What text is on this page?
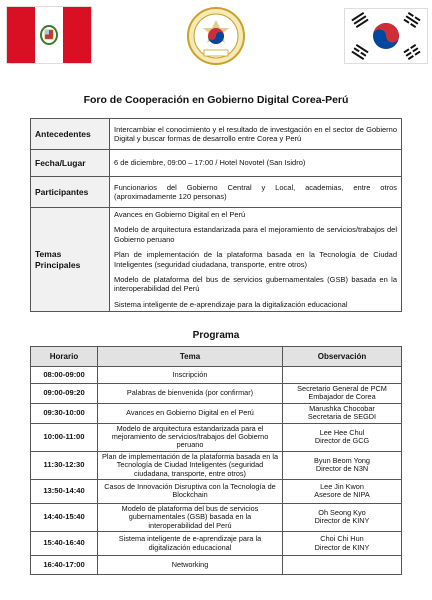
Foro de Cooperación en Gobierno Digital Corea-Perú
Antecedentes	Intercambiar el conocimiento y el resultado de investgación en el sector de Gobierno Digital y buscar formas de desarrollo entre Corea y Perú
Fecha/Lugar	6 de diciembre, 09:00 – 17:00 / Hotel Novotel (San Isidro)
Participantes	Funcionarios del Gobierno Central y Local, academias, entre otros (aproximadamente 120 personas)
Temas Principales	Avances en Gobierno Digital en el Perú

Modelo de arquitectura estandarizada para el mejoramiento de servicios/trabajos del Gobierno peruano

Plan de implementación de la plataforma basada en la Tecnología de Ciudad Inteligentes (seguridad ciudadana, transporte, entre otros)

Modelo de plataforma del bus de servicios gubernamentales (GSB) basada en la interoperabilidad del Perú

Sistema inteligente de e-aprendizaje para la digitalización educacional

Programa
Horario	Tema	Observación
08:00-09:00	Inscripción	
09:00-09:20	Palabras de bienvenida (por confirmar)	Secretario General de PCM
Embajador de Corea
09:30-10:00	Avances en Gobierno Digital en el Perú	Marushka Chocobar
Secretaria de SEGDI
10:00-11:00	Modelo de arquitectura estandarizada para el mejoramiento de servicios/trabajos del Gobierno peruano	Lee Hee Chul
Director de GCG
11:30-12:30	Plan de implementación de la plataforma basada en la Tecnología de Ciudad Inteligentes (seguridad ciudadana, transporte, entre otros)	Byun Beom Yong
Director de N3N
13:50-14:40	Casos de Innovación Disruptiva con la Tecnología de Blockchain	Lee Jin Kwon
Asesore de NIPA
14:40-15:40	Modelo de plataforma del bus de servicios gubernamentales (GSB) basada en la interoperabilidad del Perú	Oh Seong Kyo
Director de KINY
15:40-16:40	Sistema inteligente de e-aprendizaje para la digitalización educacional	Choi Chi Hun
Director de KINY
16:40-17:00	Networking	
